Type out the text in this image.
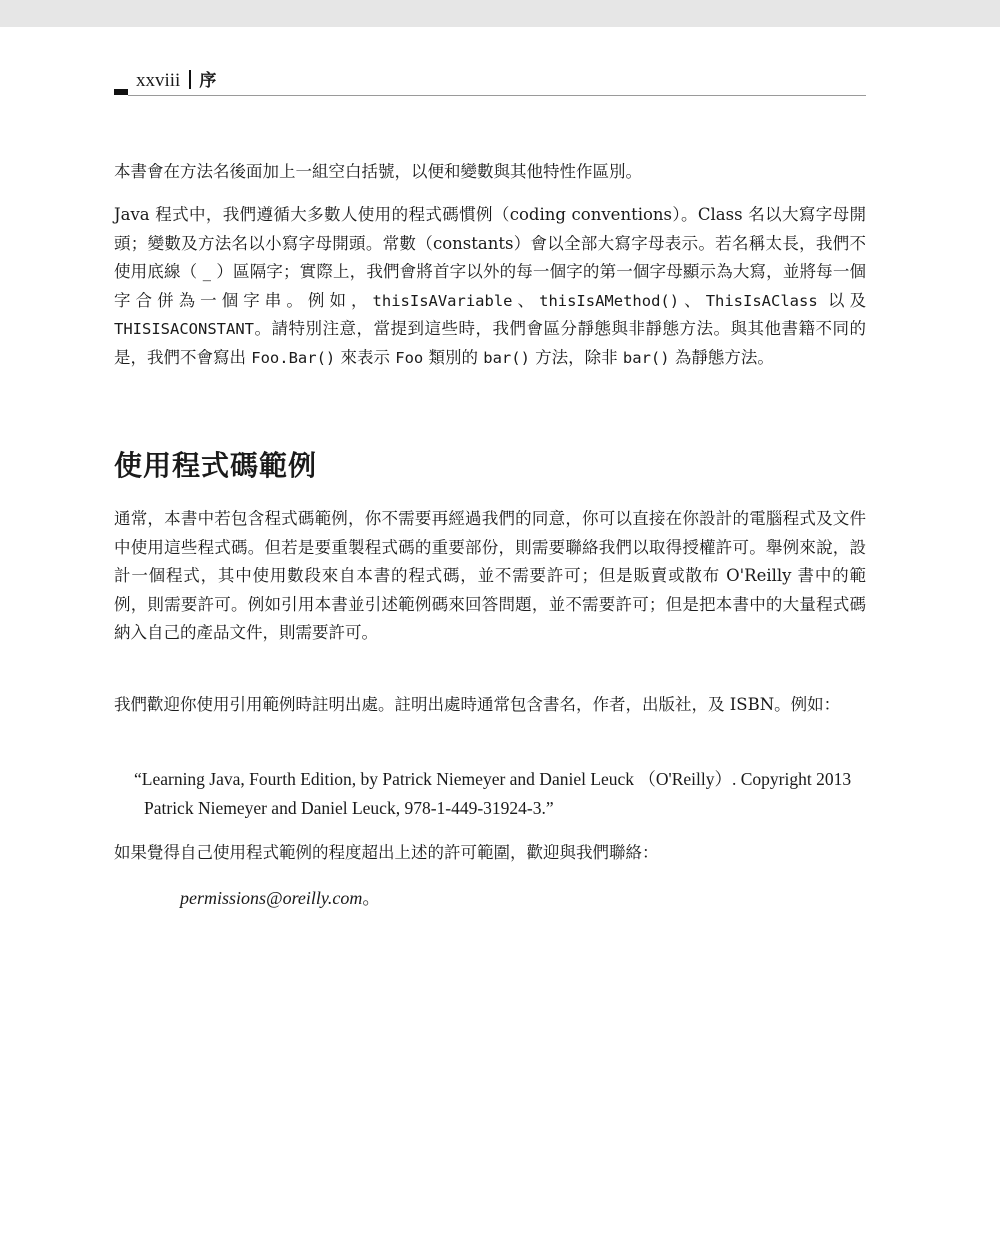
xxviii 序

本書會在方法名後面加上一組空白括號，以便和變數與其他特性作區別。

Java 程式中，我們遵循大多數人使用的程式碼慣例（coding conventions）。Class 名以大寫字母開頭；變數及方法名以小寫字母開頭。常數（constants）會以全部大寫字母表示。若名稱太長，我們不使用底線（ _ ）區隔字；實際上，我們會將首字以外的每一個字的第一個字母顯示為大寫，並將每一個字合併為一個字串。例如，thisIsAVariable、thisIsAMethod()、ThisIsAClass 以及 THISISACONSTANT。請特別注意，當提到這些時，我們會區分靜態與非靜態方法。與其他書籍不同的是，我們不會寫出 Foo.Bar() 來表示 Foo 類別的 bar() 方法，除非 bar() 為靜態方法。

使用程式碼範例

通常，本書中若包含程式碼範例，你不需要再經過我們的同意，你可以直接在你設計的電腦程式及文件中使用這些程式碼。但若是要重製程式碼的重要部份，則需要聯絡我們以取得授權許可。舉例來說，設計一個程式，其中使用數段來自本書的程式碼，並不需要許可；但是販賣或散布 O'Reilly 書中的範例，則需要許可。例如引用本書並引述範例碼來回答問題，並不需要許可；但是把本書中的大量程式碼納入自己的產品文件，則需要許可。

我們歡迎你使用引用範例時註明出處。註明出處時通常包含書名，作者，出版社，及 ISBN。例如：

“Learning Java, Fourth Edition, by Patrick Niemeyer and Daniel Leuck （O'Reilly）. Copyright 2013 Patrick Niemeyer and Daniel Leuck, 978-1-449-31924-3.”

如果覺得自己使用程式範例的程度超出上述的許可範圍，歡迎與我們聯絡：

permissions@oreilly.com。
